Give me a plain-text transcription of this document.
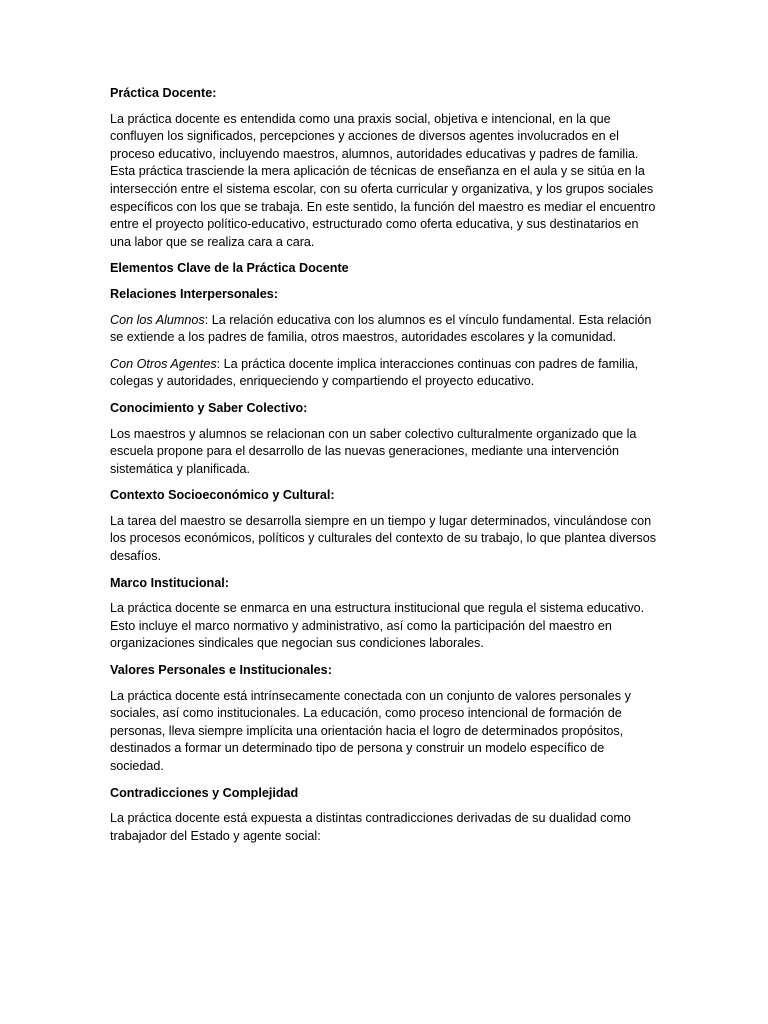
Práctica Docente:

La práctica docente es entendida como una praxis social, objetiva e intencional, en la que confluyen los significados, percepciones y acciones de diversos agentes involucrados en el proceso educativo, incluyendo maestros, alumnos, autoridades educativas y padres de familia. Esta práctica trasciende la mera aplicación de técnicas de enseñanza en el aula y se sitúa en la intersección entre el sistema escolar, con su oferta curricular y organizativa, y los grupos sociales específicos con los que se trabaja. En este sentido, la función del maestro es mediar el encuentro entre el proyecto político-educativo, estructurado como oferta educativa, y sus destinatarios en una labor que se realiza cara a cara.

Elementos Clave de la Práctica Docente

Relaciones Interpersonales:

Con los Alumnos: La relación educativa con los alumnos es el vínculo fundamental. Esta relación se extiende a los padres de familia, otros maestros, autoridades escolares y la comunidad.

Con Otros Agentes: La práctica docente implica interacciones continuas con padres de familia, colegas y autoridades, enriqueciendo y compartiendo el proyecto educativo.

Conocimiento y Saber Colectivo:

Los maestros y alumnos se relacionan con un saber colectivo culturalmente organizado que la escuela propone para el desarrollo de las nuevas generaciones, mediante una intervención sistemática y planificada.

Contexto Socioeconómico y Cultural:

La tarea del maestro se desarrolla siempre en un tiempo y lugar determinados, vinculándose con los procesos económicos, políticos y culturales del contexto de su trabajo, lo que plantea diversos desafíos.

Marco Institucional:

La práctica docente se enmarca en una estructura institucional que regula el sistema educativo. Esto incluye el marco normativo y administrativo, así como la participación del maestro en organizaciones sindicales que negocian sus condiciones laborales.

Valores Personales e Institucionales:

La práctica docente está intrínsecamente conectada con un conjunto de valores personales y sociales, así como institucionales. La educación, como proceso intencional de formación de personas, lleva siempre implícita una orientación hacia el logro de determinados propósitos, destinados a formar un determinado tipo de persona y construir un modelo específico de sociedad.

Contradicciones y Complejidad

La práctica docente está expuesta a distintas contradicciones derivadas de su dualidad como trabajador del Estado y agente social:
